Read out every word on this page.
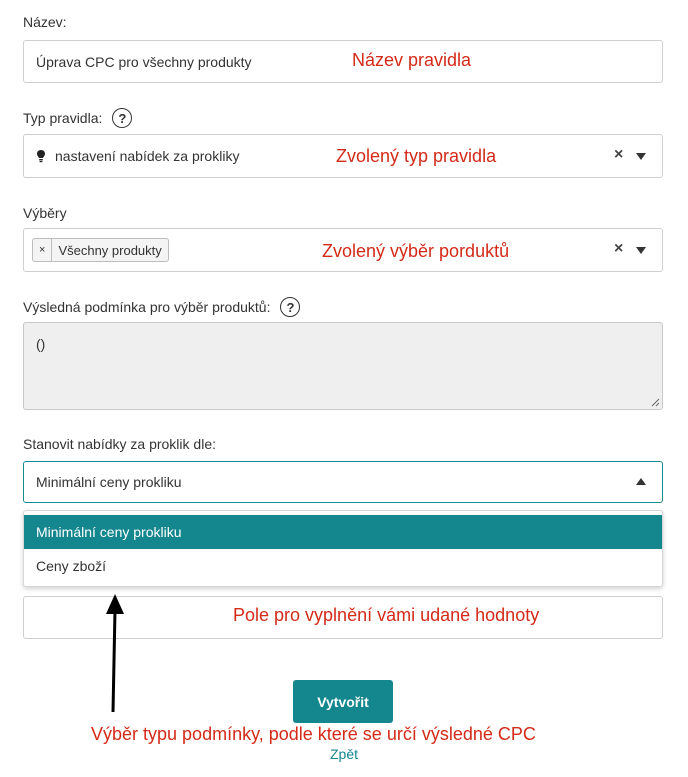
Název:
Úprava CPC pro všechny produkty	Název pravidla
Typ pravidla:	?
nastavení nabídek za prokliky	×
Zvolený typ pravidla
Výběry
×	Všechny produkty	×
Zvolený výběr porduktů
Výsledná podmínka pro výběr produktů:	?
()
Stanovit nabídky za proklik dle:
Minimální ceny prokliku
Pole pro vyplnění vámi udané hodnoty
Minimální ceny prokliku
Ceny zboží
Vytvořit
Výběr typu podmínky, podle které se určí výsledné CPC
Zpět
